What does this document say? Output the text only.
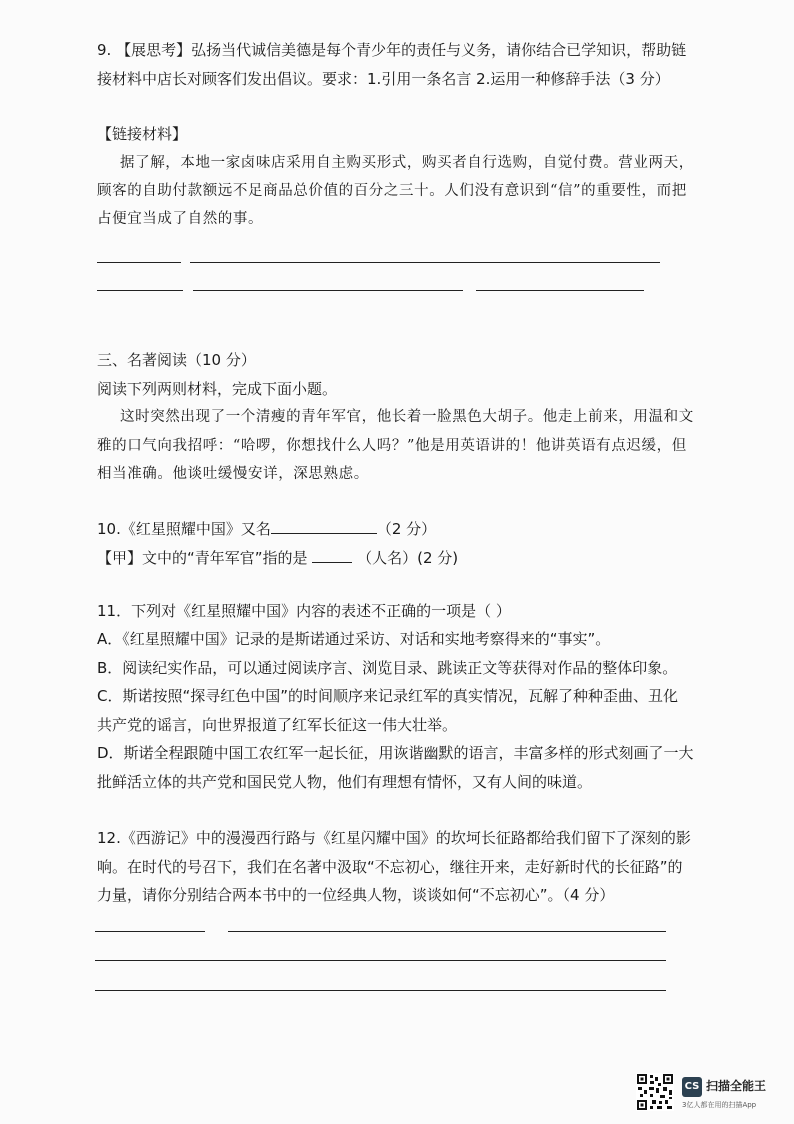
9. 【展思考】弘扬当代诚信美德是每个青少年的责任与义务，请你结合已学知识，帮助链
接材料中店长对顾客们发出倡议。要求：1.引用一条名言 2.运用一种修辞手法（3 分）
【链接材料】
据了解，本地一家卤味店采用自主购买形式，购买者自行选购，自觉付费。营业两天，
顾客的自助付款额远不足商品总价值的百分之三十。人们没有意识到“信”的重要性，而把
占便宜当成了自然的事。
三、名著阅读（10 分）
阅读下列两则材料，完成下面小题。
这时突然出现了一个清瘦的青年军官，他长着一脸黑色大胡子。他走上前来，用温和文
雅的口气向我招呼：“哈啰，你想找什么人吗？”他是用英语讲的！他讲英语有点迟缓，但
相当准确。他谈吐缓慢安详，深思熟虑。
10.《红星照耀中国》又名	（2 分）
【甲】文中的“青年军官”指的是	（人名）(2 分)
11．下列对《红星照耀中国》内容的表述不正确的一项是（ ）
A．《红星照耀中国》记录的是斯诺通过采访、对话和实地考察得来的“事实”。
B．阅读纪实作品，可以通过阅读序言、浏览目录、跳读正文等获得对作品的整体印象。
C．斯诺按照“探寻红色中国”的时间顺序来记录红军的真实情况，瓦解了种种歪曲、丑化
共产党的谣言，向世界报道了红军长征这一伟大壮举。
D．斯诺全程跟随中国工农红军一起长征，用诙谐幽默的语言，丰富多样的形式刻画了一大
批鲜活立体的共产党和国民党人物，他们有理想有情怀，又有人间的味道。
12.《西游记》中的漫漫西行路与《红星闪耀中国》的坎坷长征路都给我们留下了深刻的影
响。在时代的号召下，我们在名著中汲取“不忘初心，继往开来，走好新时代的长征路”的
力量，请你分别结合两本书中的一位经典人物，谈谈如何“不忘初心”。（4 分）
CS 扫描全能王
3亿人都在用的扫描App
